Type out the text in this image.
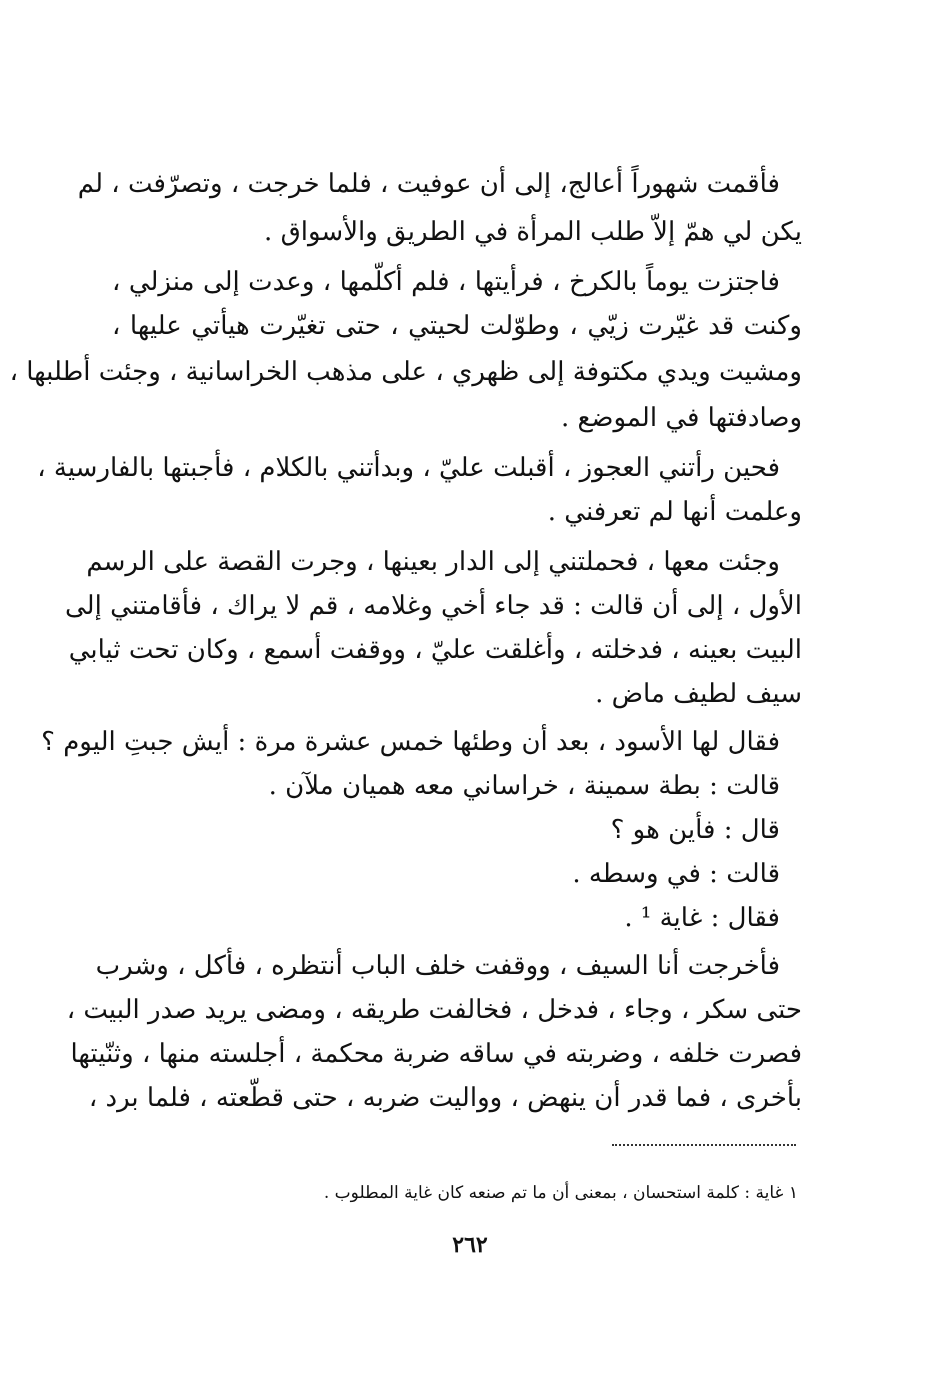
فأقمت شهوراً أعالج، إلى أن عوفيت ، فلما خرجت ، وتصرّفت ، لم
يكن لي همّ إلاّ طلب المرأة في الطريق والأسواق .
فاجتزت يوماً بالكرخ ، فرأيتها ، فلم أكلّمها ، وعدت إلى منزلي ،
وكنت قد غيّرت زيّي ، وطوّلت لحيتي ، حتى تغيّرت هيأتي عليها ،
ومشيت ويدي مكتوفة إلى ظهري ، على مذهب الخراسانية ، وجئت أطلبها ،
وصادفتها في الموضع .
فحين رأتني العجوز ، أقبلت عليّ ، وبدأتني بالكلام ، فأجبتها بالفارسية ،
وعلمت أنها لم تعرفني .
وجئت معها ، فحملتني إلى الدار بعينها ، وجرت القصة على الرسم
الأول ، إلى أن قالت : قد جاء أخي وغلامه ، قم لا يراك ، فأقامتني إلى
البيت بعينه ، فدخلته ، وأغلقت عليّ ، ووقفت أسمع ، وكان تحت ثيابي
سيف لطيف ماض .
فقال لها الأسود ، بعد أن وطئها خمس عشرة مرة : أيش جبتِ اليوم ؟
قالت : بطة سمينة ، خراساني معه هميان ملآن .
قال : فأين هو ؟
قالت : في وسطه .
فقال : غاية ¹ .
فأخرجت أنا السيف ، ووقفت خلف الباب أنتظره ، فأكل ، وشرب
حتى سكر ، وجاء ، فدخل ، فخالفت طريقه ، ومضى يريد صدر البيت ،
فصرت خلفه ، وضربته في ساقه ضربة محكمة ، أجلسته منها ، وثنّيتها
بأخرى ، فما قدر أن ينهض ، وواليت ضربه ، حتى قطّعته ، فلما برد ،
١ غاية : كلمة استحسان ، بمعنى أن ما تم صنعه كان غاية المطلوب .
٢٦٢
